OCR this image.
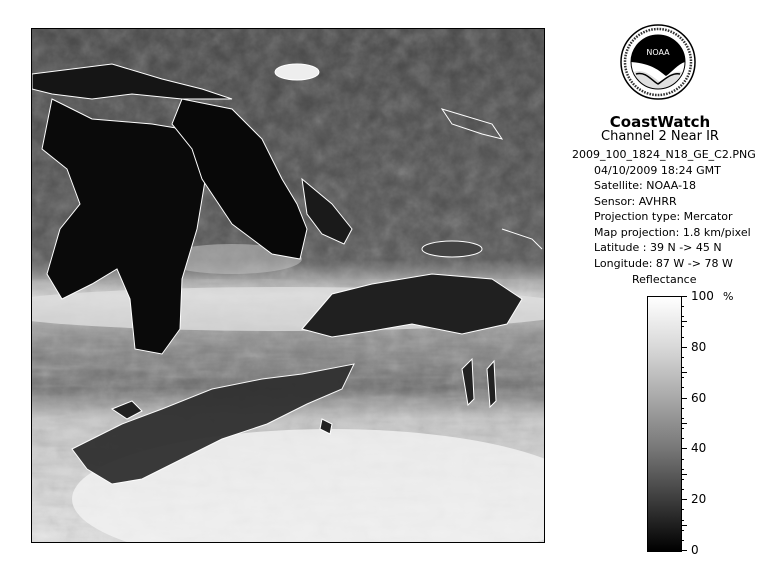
NOAA
CoastWatch
Channel 2 Near IR
2009_100_1824_N18_GE_C2.PNG
04/10/2009 18:24 GMT
Satellite: NOAA-18
Sensor: AVHRR
Projection type: Mercator
Map projection: 1.8 km/pixel
Latitude : 39 N -> 45 N
Longitude: 87 W -> 78 W
Reflectance
%
100
80
60
40
20
0
